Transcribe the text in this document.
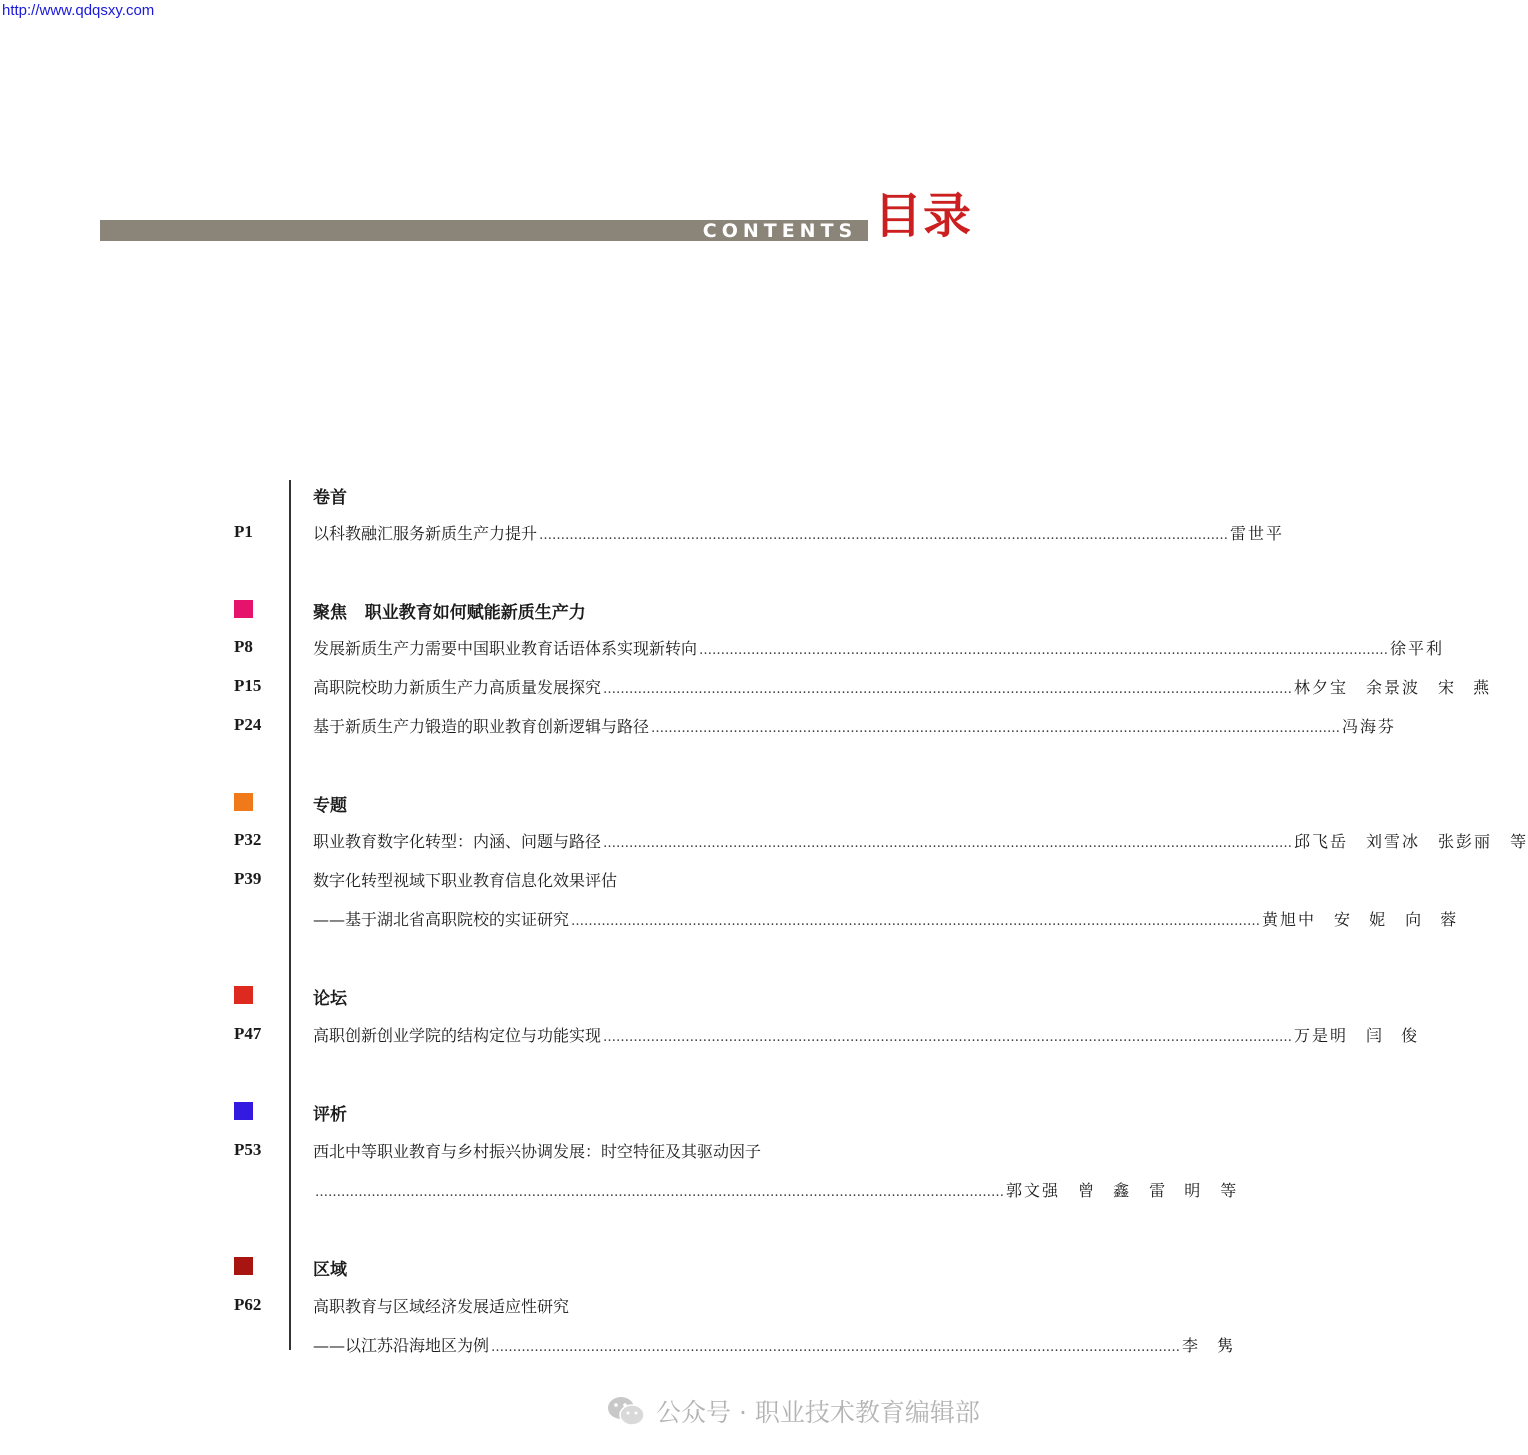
http://www.qdqsxy.com
CONTENTS 目录
卷首
P1	以科教融汇服务新质生产力提升 …………………………………………………………………………………………………………………………………………… 雷世平
聚焦   职业教育如何赋能新质生产力
P8	发展新质生产力需要中国职业教育话语体系实现新转向 …………………………………………………………………………………………………………………………………………… 徐平利
P15	高职院校助力新质生产力高质量发展探究 …………………………………………………………………………………………………………………………………………… 林夕宝 余景波 宋 燕
P24	基于新质生产力锻造的职业教育创新逻辑与路径 …………………………………………………………………………………………………………………………………………… 冯海芬
专题
P32	职业教育数字化转型：内涵、问题与路径 …………………………………………………………………………………………………………………………………………… 邱飞岳 刘雪冰 张彭丽 等
P39	数字化转型视域下职业教育信息化效果评估
——基于湖北省高职院校的实证研究 …………………………………………………………………………………………………………………………………………… 黄旭中 安 妮 向 蓉
论坛
P47	高职创新创业学院的结构定位与功能实现 …………………………………………………………………………………………………………………………………………… 万是明 闫 俊
评析
P53	西北中等职业教育与乡村振兴协调发展：时空特征及其驱动因子
…………………………………………………………………………………………………………………………………………… 郭文强 曾 鑫 雷 明 等
区域
P62	高职教育与区域经济发展适应性研究
——以江苏沿海地区为例 …………………………………………………………………………………………………………………………………………… 李 隽
公众号 · 职业技术教育编辑部
